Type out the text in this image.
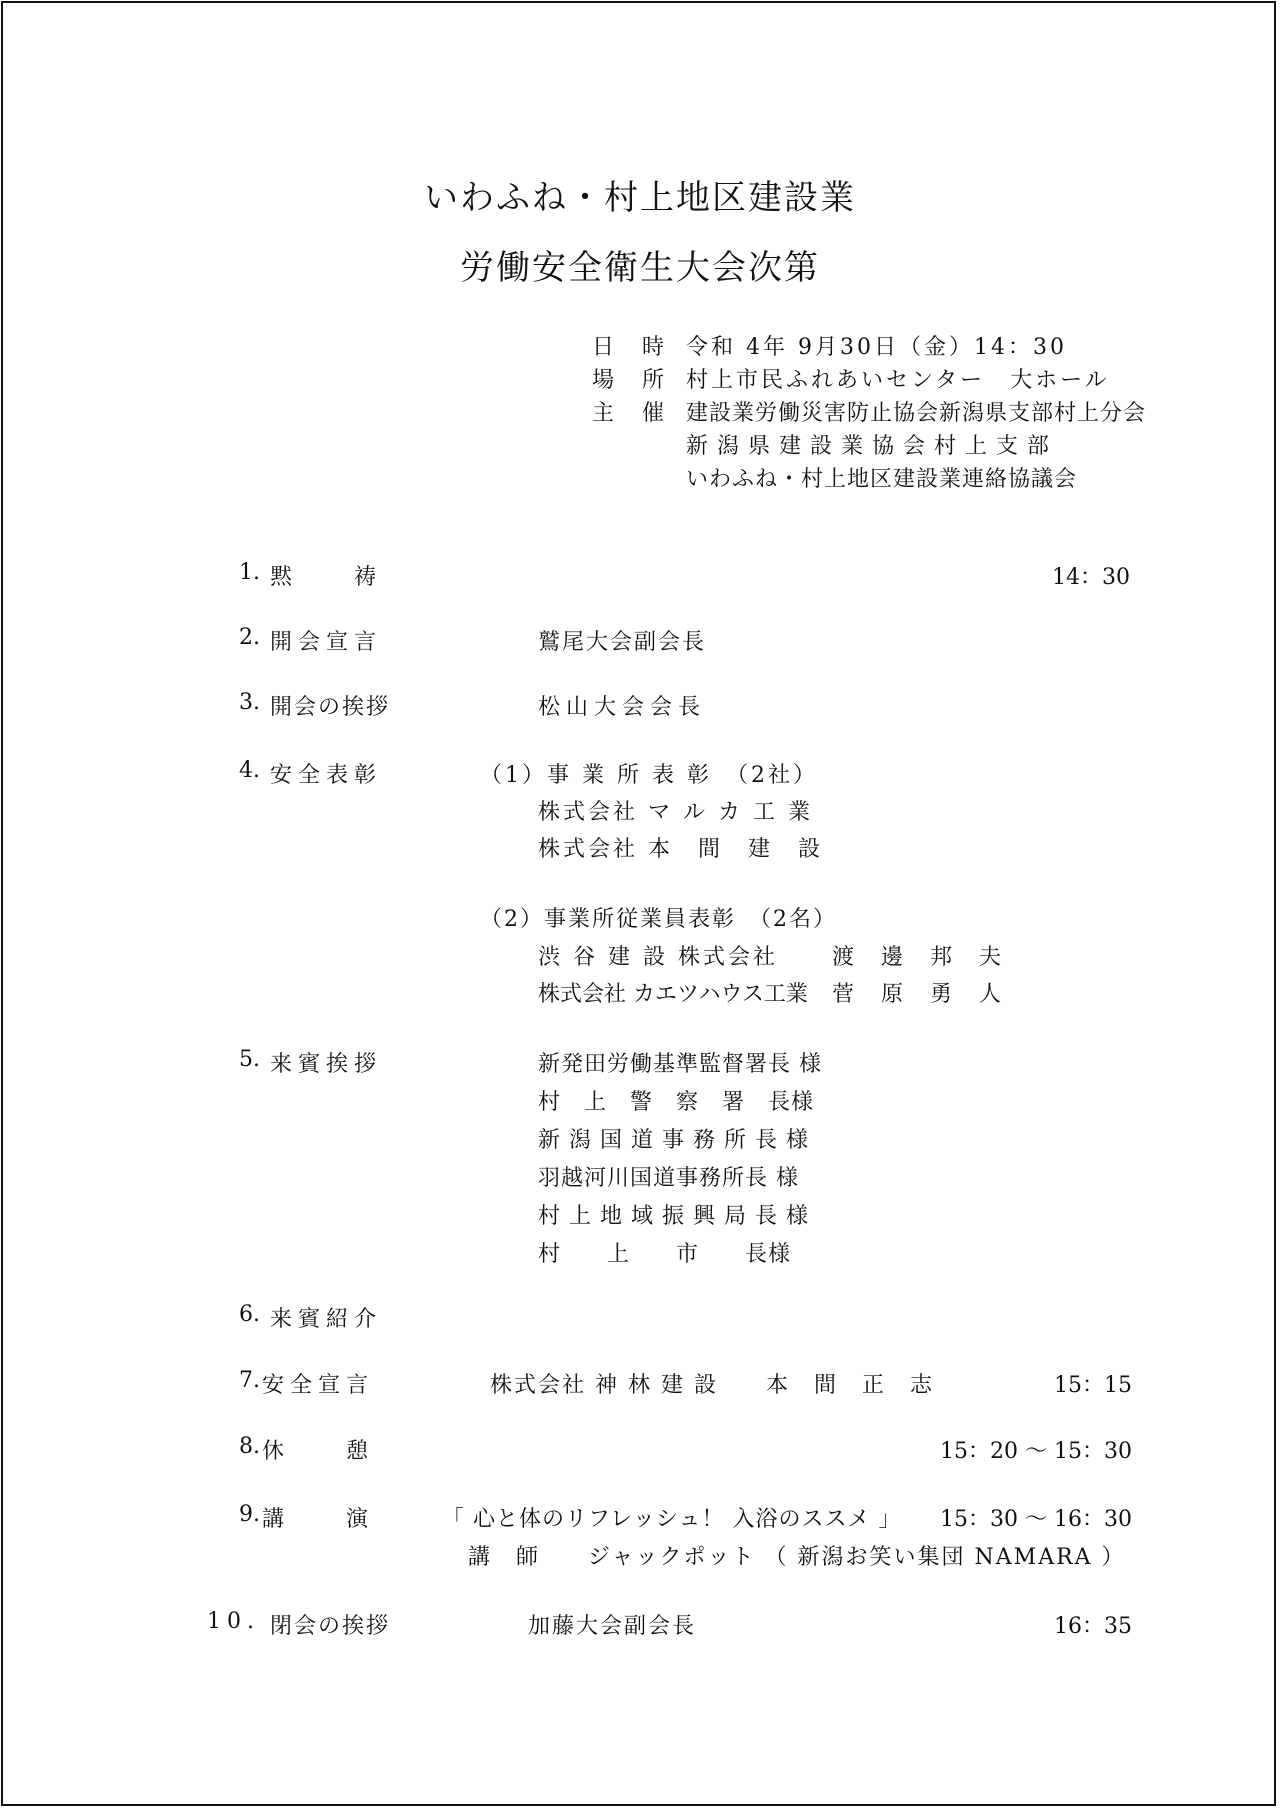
いわふね・村上地区建設業
労働安全衛生大会次第
日　時 令和 4年 9月30日（金）14：30
場　所 村上市民ふれあいセンター　大ホール
主　催 建設業労働災害防止協会新潟県支部村上分会
新 潟 県 建 設 業 協 会 村 上 支 部
いわふね・村上地区建設業連絡協議会
1. 黙　　祷	14：30
2. 開会宣言	鷲尾大会副会長
3. 開会の挨拶	松山大会会長
4. 安全表彰	（1）事 業 所 表 彰　（2社）
株式会社 マ ル カ 工 業
株式会社 本　間　建　設
（2）事業所従業員表彰　（2名）
渋 谷 建 設 株式会社 渡 邊 邦 夫
株式会社 カエツハウス工業 菅 原 勇 人
5. 来賓挨拶	新発田労働基準監督署長 様
村　上　警　察　署　長様
新 潟 国 道 事 務 所 長 様
羽越河川国道事務所長 様
村 上 地 域 振 興 局 長 様
村　　上　　市　　長様
6. 来賓紹介
7. 安全宣言	株式会社 神 林 建 設　　本　間　正　志	15：15
8. 休　　憩	15：20 〜 15：30
9. 講　　演	「 心と体のリフレッシュ！ 入浴のススメ 」	15：30 〜 16：30
講　師　　ジャックポット （ 新潟お笑い集団 NAMARA ）
10. 閉会の挨拶	加藤大会副会長	16：35
